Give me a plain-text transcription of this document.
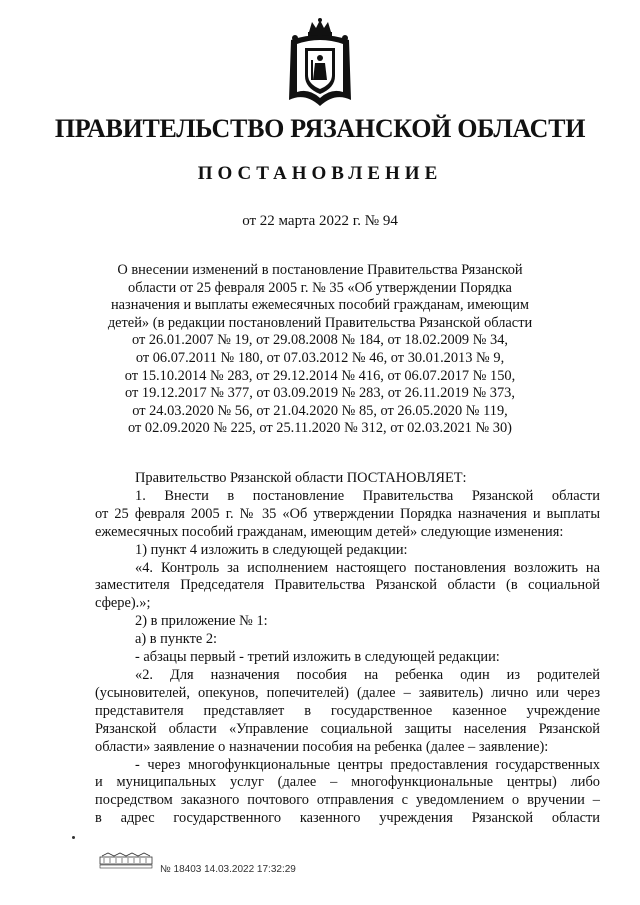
ПРАВИТЕЛЬСТВО РЯЗАНСКОЙ ОБЛАСТИ
ПОСТАНОВЛЕНИЕ
от 22 марта 2022 г. № 94
О внесении изменений в постановление Правительства Рязанской
области от 25 февраля 2005 г. № 35 «Об утверждении Порядка
назначения и выплаты ежемесячных пособий гражданам, имеющим
детей» (в редакции постановлений Правительства Рязанской области
от 26.01.2007 № 19, от 29.08.2008 № 184, от 18.02.2009 № 34,
от 06.07.2011 № 180, от 07.03.2012 № 46, от 30.01.2013 № 9,
от 15.10.2014 № 283, от 29.12.2014 № 416, от 06.07.2017 № 150,
от 19.12.2017 № 377, от 03.09.2019 № 283, от 26.11.2019 № 373,
от 24.03.2020 № 56, от 21.04.2020 № 85, от 26.05.2020 № 119,
от 02.09.2020 № 225, от 25.11.2020 № 312, от 02.03.2021 № 30)
Правительство Рязанской области ПОСТАНОВЛЯЕТ:
1. Внести в постановление Правительства Рязанской области
от 25 февраля 2005 г. № 35 «Об утверждении Порядка назначения и выплаты
ежемесячных пособий гражданам, имеющим детей» следующие изменения:
1) пункт 4 изложить в следующей редакции:
«4. Контроль за исполнением настоящего постановления возложить на
заместителя Председателя Правительства Рязанской области (в социальной
сфере).»;
2) в приложение № 1:
а) в пункте 2:
- абзацы первый - третий изложить в следующей редакции:
«2. Для назначения пособия на ребенка один из родителей
(усыновителей, опекунов, попечителей) (далее – заявитель) лично или через
представителя представляет в государственное казенное учреждение
Рязанской области «Управление социальной защиты населения Рязанской
области» заявление о назначении пособия на ребенка (далее – заявление):
- через многофункциональные центры предоставления государственных
и муниципальных услуг (далее – многофункциональные центры) либо
посредством заказного почтового отправления с уведомлением о вручении –
в адрес государственного казенного учреждения Рязанской области
№ 18403 14.03.2022 17:32:29
